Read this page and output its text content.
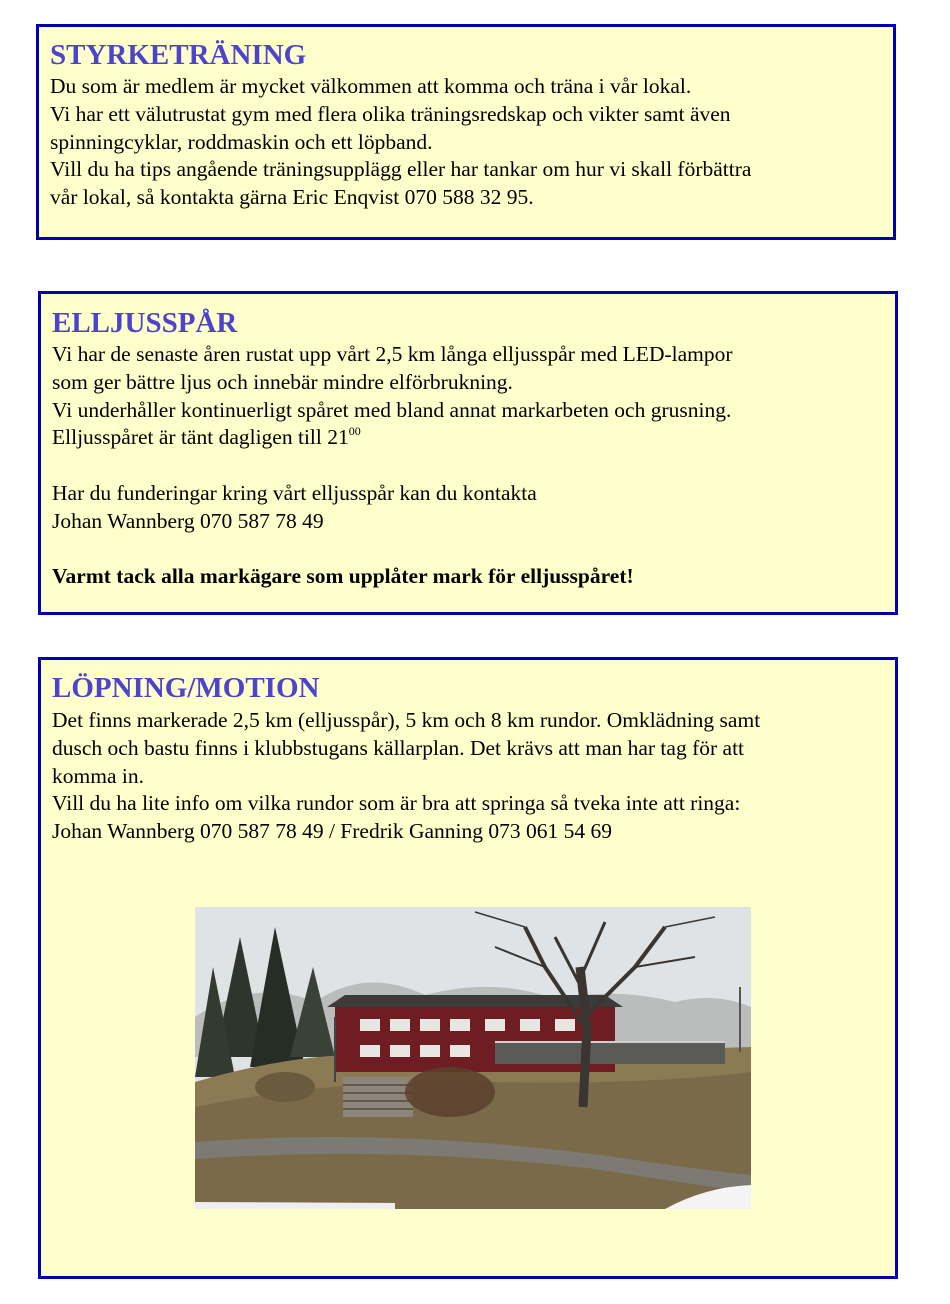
STYRKETRÄNING

Du som är medlem är mycket välkommen att komma och träna i vår lokal.

Vi har ett välutrustat gym med flera olika träningsredskap och vikter samt även

spinningcyklar, roddmaskin och ett löpband.

Vill du ha tips angående träningsupplägg eller har tankar om hur vi skall förbättra

vår lokal, så kontakta gärna Eric Enqvist 070 588 32 95.

ELLJUSSPÅR

Vi har de senaste åren rustat upp vårt 2,5 km långa elljusspår med LED-lampor

som ger bättre ljus och innebär mindre elförbrukning.

Vi underhåller kontinuerligt spåret med bland annat markarbeten och grusning.

Elljusspåret är tänt dagligen till $21^{00}$

Har du funderingar kring vårt elljusspår kan du kontakta

Johan Wannberg 070 587 78 49

Varmt tack alla markägare som upplåter mark för elljusspåret!

LÖPNING/MOTION

Det finns markerade 2,5 km (elljusspår), 5 km och 8 km rundor. Omklädning samt

dusch och bastu finns i klubbstugans källarplan. Det krävs att man har tag för att

komma in.

Vill du ha lite info om vilka rundor som är bra att springa så tveka inte att ringa:

Johan Wannberg 070 587 78 49 / Fredrik Ganning 073 061 54 69
